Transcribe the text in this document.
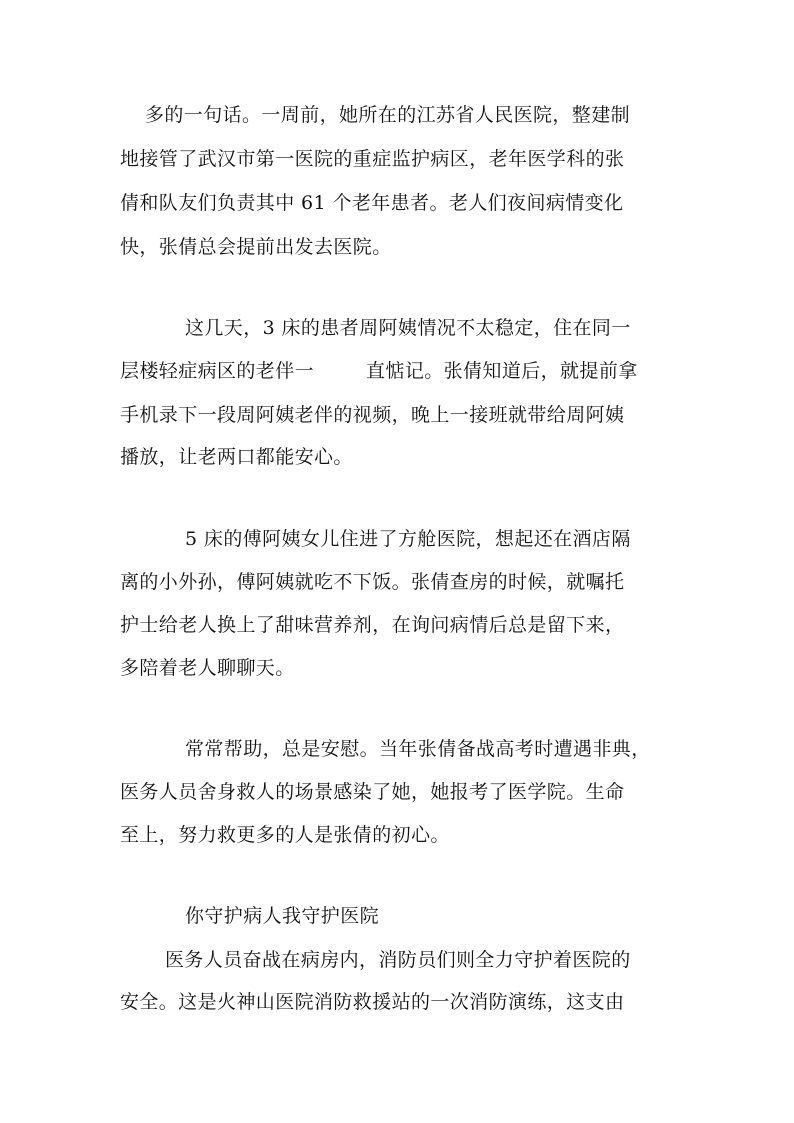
多的一句话。一周前，她所在的江苏省人民医院，整建制
地接管了武汉市第一医院的重症监护病区，老年医学科的张
倩和队友们负责其中 61 个老年患者。老人们夜间病情变化
快，张倩总会提前出发去医院。
这几天，3 床的患者周阿姨情况不太稳定，住在同一
层楼轻症病区的老伴一	直惦记。张倩知道后，就提前拿
手机录下一段周阿姨老伴的视频，晚上一接班就带给周阿姨
播放，让老两口都能安心。
5 床的傅阿姨女儿住进了方舱医院，想起还在酒店隔
离的小外孙，傅阿姨就吃不下饭。张倩查房的时候，就嘱托
护士给老人换上了甜味营养剂，在询问病情后总是留下来，
多陪着老人聊聊天。
常常帮助，总是安慰。当年张倩备战高考时遭遇非典，
医务人员舍身救人的场景感染了她，她报考了医学院。生命
至上，努力救更多的人是张倩的初心。
你守护病人我守护医院
医务人员奋战在病房内，消防员们则全力守护着医院的
安全。这是火神山医院消防救援站的一次消防演练，这支由
